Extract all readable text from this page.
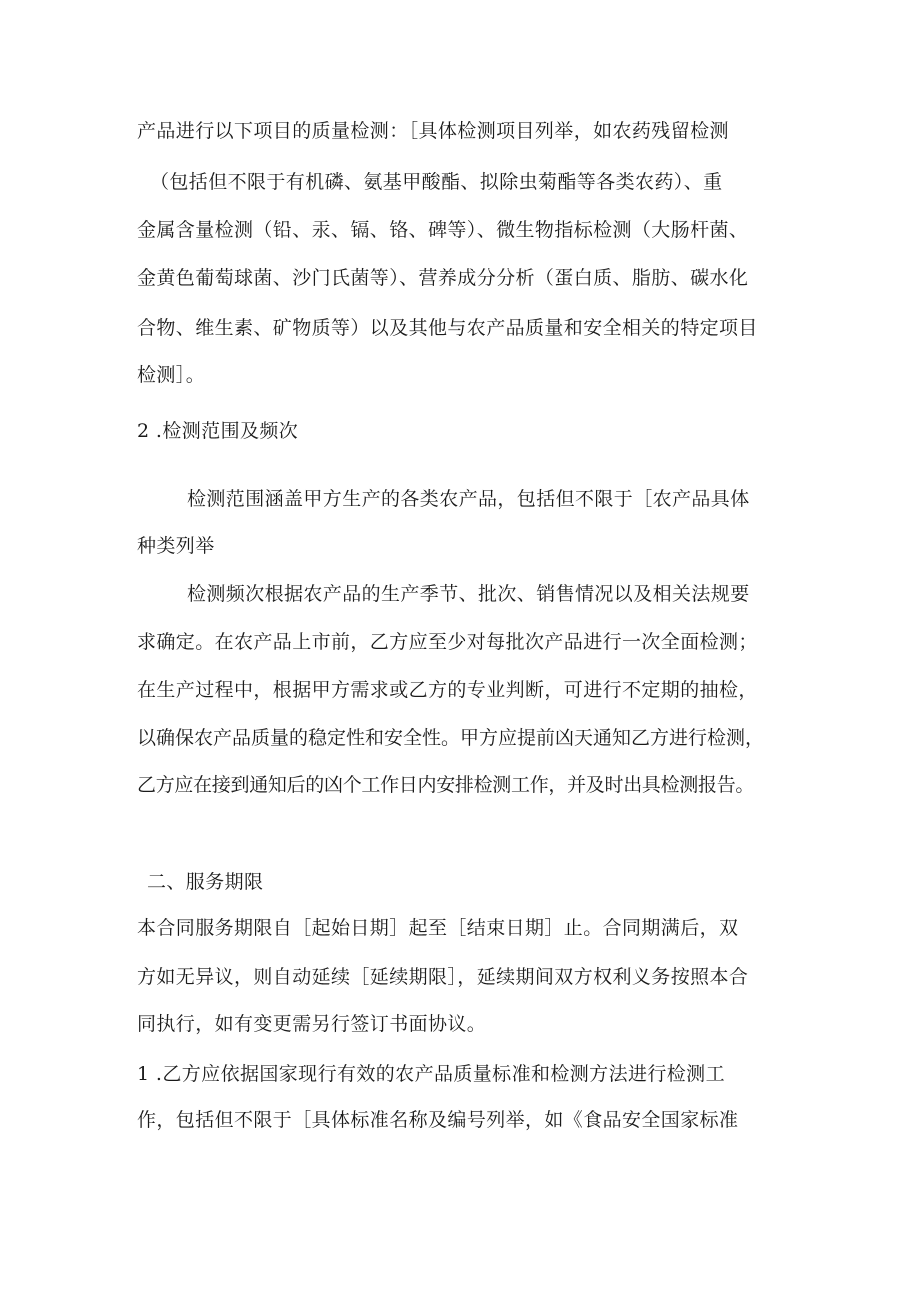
产品进行以下项目的质量检测：［具体检测项目列举，如农药残留检测

（包括但不限于有机磷、氨基甲酸酯、拟除虫菊酯等各类农药）、重

金属含量检测（铅、汞、镉、铬、碑等）、微生物指标检测（大肠杆菌、

金黄色葡萄球菌、沙门氏菌等）、营养成分分析（蛋白质、脂肪、碳水化

合物、维生素、矿物质等）以及其他与农产品质量和安全相关的特定项目

检测］。

2 .检测范围及频次

检测范围涵盖甲方生产的各类农产品，包括但不限于［农产品具体

种类列举

检测频次根据农产品的生产季节、批次、销售情况以及相关法规要

求确定。在农产品上市前，乙方应至少对每批次产品进行一次全面检测；

在生产过程中，根据甲方需求或乙方的专业判断，可进行不定期的抽检，

以确保农产品质量的稳定性和安全性。甲方应提前凶天通知乙方进行检测，

乙方应在接到通知后的凶个工作日内安排检测工作，并及时出具检测报告。

二、服务期限

本合同服务期限自［起始日期］起至［结束日期］止。合同期满后，双

方如无异议，则自动延续［延续期限］，延续期间双方权利义务按照本合

同执行，如有变更需另行签订书面协议。

1 .乙方应依据国家现行有效的农产品质量标准和检测方法进行检测工

作，包括但不限于［具体标准名称及编号列举，如《食品安全国家标准
